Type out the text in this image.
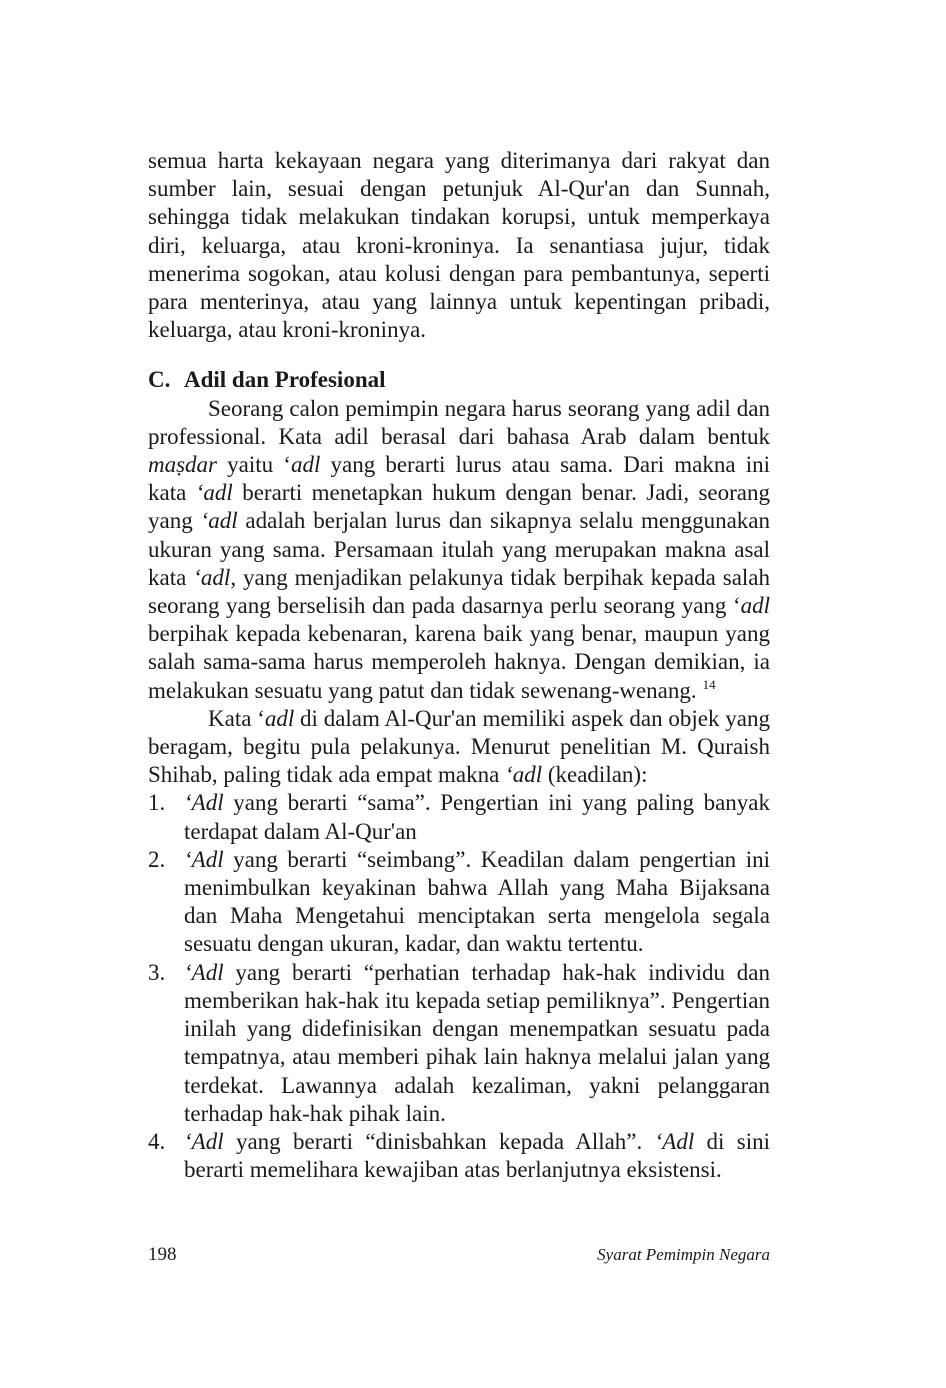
semua harta kekayaan negara yang diterimanya dari rakyat dan sumber lain, sesuai dengan petunjuk Al-Qur'an dan Sunnah, sehingga tidak melakukan tindakan korupsi, untuk memperkaya diri, keluarga, atau kroni-kroninya. Ia senantiasa jujur, tidak menerima sogokan, atau kolusi dengan para pembantunya, seperti para menterinya, atau yang lainnya untuk kepentingan pribadi, keluarga, atau kroni-kroninya.

C. Adil dan Profesional

Seorang calon pemimpin negara harus seorang yang adil dan professional. Kata adil berasal dari bahasa Arab dalam bentuk maṣdar yaitu ‘adl yang berarti lurus atau sama. Dari makna ini kata ‘adl berarti menetapkan hukum dengan benar. Jadi, seorang yang ‘adl adalah berjalan lurus dan sikapnya selalu menggunakan ukuran yang sama. Persamaan itulah yang merupakan makna asal kata ‘adl, yang menjadikan pelakunya tidak berpihak kepada salah seorang yang berselisih dan pada dasarnya perlu seorang yang ‘adl berpihak kepada kebenaran, karena baik yang benar, maupun yang salah sama-sama harus memperoleh haknya. Dengan demikian, ia melakukan sesuatu yang patut dan tidak sewenang-wenang. $^{14}$

Kata ‘adl di dalam Al-Qur'an memiliki aspek dan objek yang beragam, begitu pula pelakunya. Menurut penelitian M. Quraish Shihab, paling tidak ada empat makna ‘adl (keadilan):

1. ‘Adl yang berarti “sama”. Pengertian ini yang paling banyak terdapat dalam Al-Qur'an
2. ‘Adl yang berarti “seimbang”. Keadilan dalam pengertian ini menimbulkan keyakinan bahwa Allah yang Maha Bijaksana dan Maha Mengetahui menciptakan serta mengelola segala sesuatu dengan ukuran, kadar, dan waktu tertentu.
3. ‘Adl yang berarti “perhatian terhadap hak-hak individu dan memberikan hak-hak itu kepada setiap pemiliknya”. Pengertian inilah yang didefinisikan dengan menempatkan sesuatu pada tempatnya, atau memberi pihak lain haknya melalui jalan yang terdekat. Lawannya adalah kezaliman, yakni pelanggaran terhadap hak-hak pihak lain.
4. ‘Adl yang berarti “dinisbahkan kepada Allah”. ‘Adl di sini berarti memelihara kewajiban atas berlanjutnya eksistensi.
198	Syarat Pemimpin Negara
